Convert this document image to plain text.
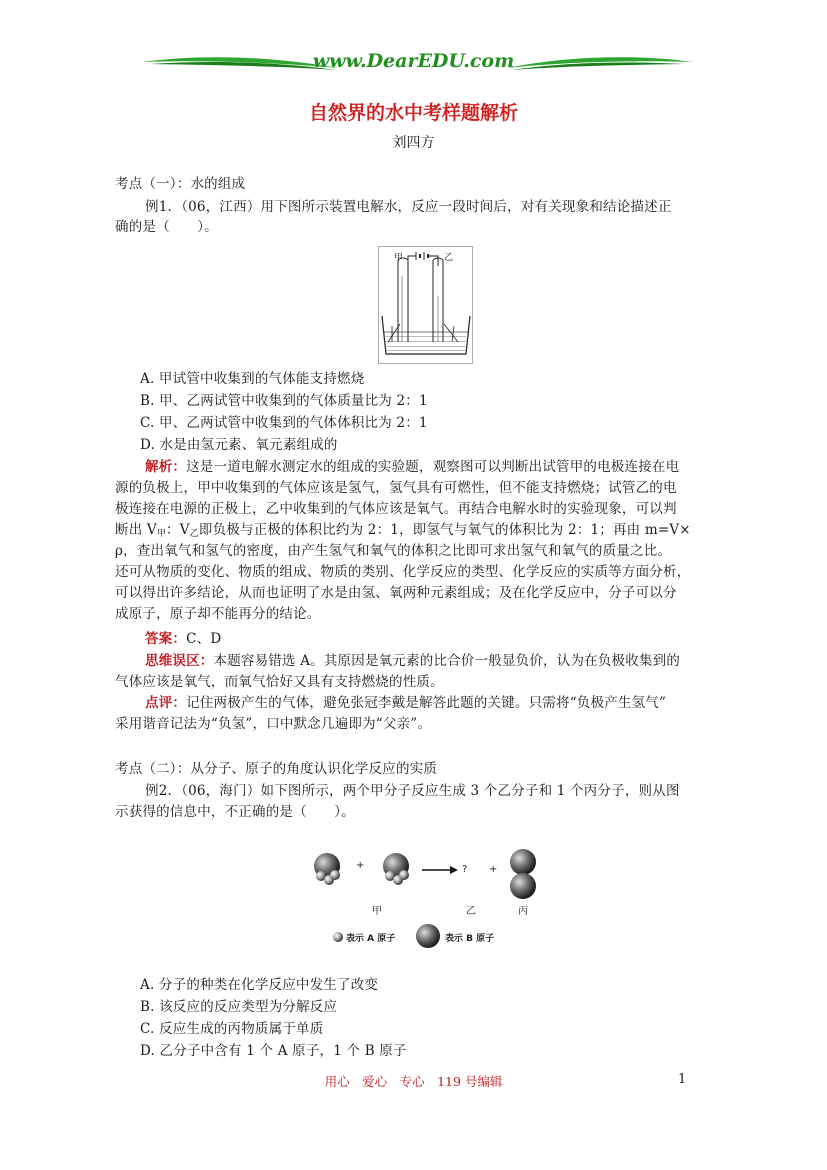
www.DearEDU.com
自然界的水中考样题解析
刘四方
考点（一）：水的组成
例1．（06，江西）用下图所示装置电解水，反应一段时间后，对有关现象和结论描述正
确的是（　　）。
甲	乙
A. 甲试管中收集到的气体能支持燃烧
B. 甲、乙两试管中收集到的气体质量比为 2：1
C. 甲、乙两试管中收集到的气体体积比为 2：1
D. 水是由氢元素、氧元素组成的
解析：这是一道电解水测定水的组成的实验题，观察图可以判断出试管甲的电极连接在电
源的负极上，甲中收集到的气体应该是氢气，氢气具有可燃性，但不能支持燃烧；试管乙的电
极连接在电源的正极上，乙中收集到的气体应该是氧气。再结合电解水时的实验现象，可以判
断出 $V_甲$：$V_乙$即负极与正极的体积比约为 2：1，即氢气与氧气的体积比为 2：1；再由 m=V×
ρ，查出氧气和氢气的密度，由产生氢气和氧气的体积之比即可求出氢气和氧气的质量之比。
还可从物质的变化、物质的组成、物质的类别、化学反应的类型、化学反应的实质等方面分析，
可以得出许多结论，从而也证明了水是由氢、氧两种元素组成；及在化学反应中，分子可以分
成原子，原子却不能再分的结论。
答案：C、D
思维误区：本题容易错选 A。其原因是氧元素的比合价一般显负价，认为在负极收集到的
气体应该是氧气，而氧气恰好又具有支持燃烧的性质。
点评：记住两极产生的气体，避免张冠李戴是解答此题的关键。只需将“负极产生氢气”
采用谐音记法为“负氢”，口中默念几遍即为“父亲”。
考点（二）：从分子、原子的角度认识化学反应的实质
例2．（06，海门）如下图所示，两个甲分子反应生成 3 个乙分子和 1 个丙分子，则从图
示获得的信息中，不正确的是（　　）。
+	? +
甲	乙	丙
表示 A 原子	表示 B 原子
A. 分子的种类在化学反应中发生了改变
B. 该反应的反应类型为分解反应
C. 反应生成的丙物质属于单质
D. 乙分子中含有 1 个 A 原子，1 个 B 原子
用心　爱心　专心　119 号编辑	1
